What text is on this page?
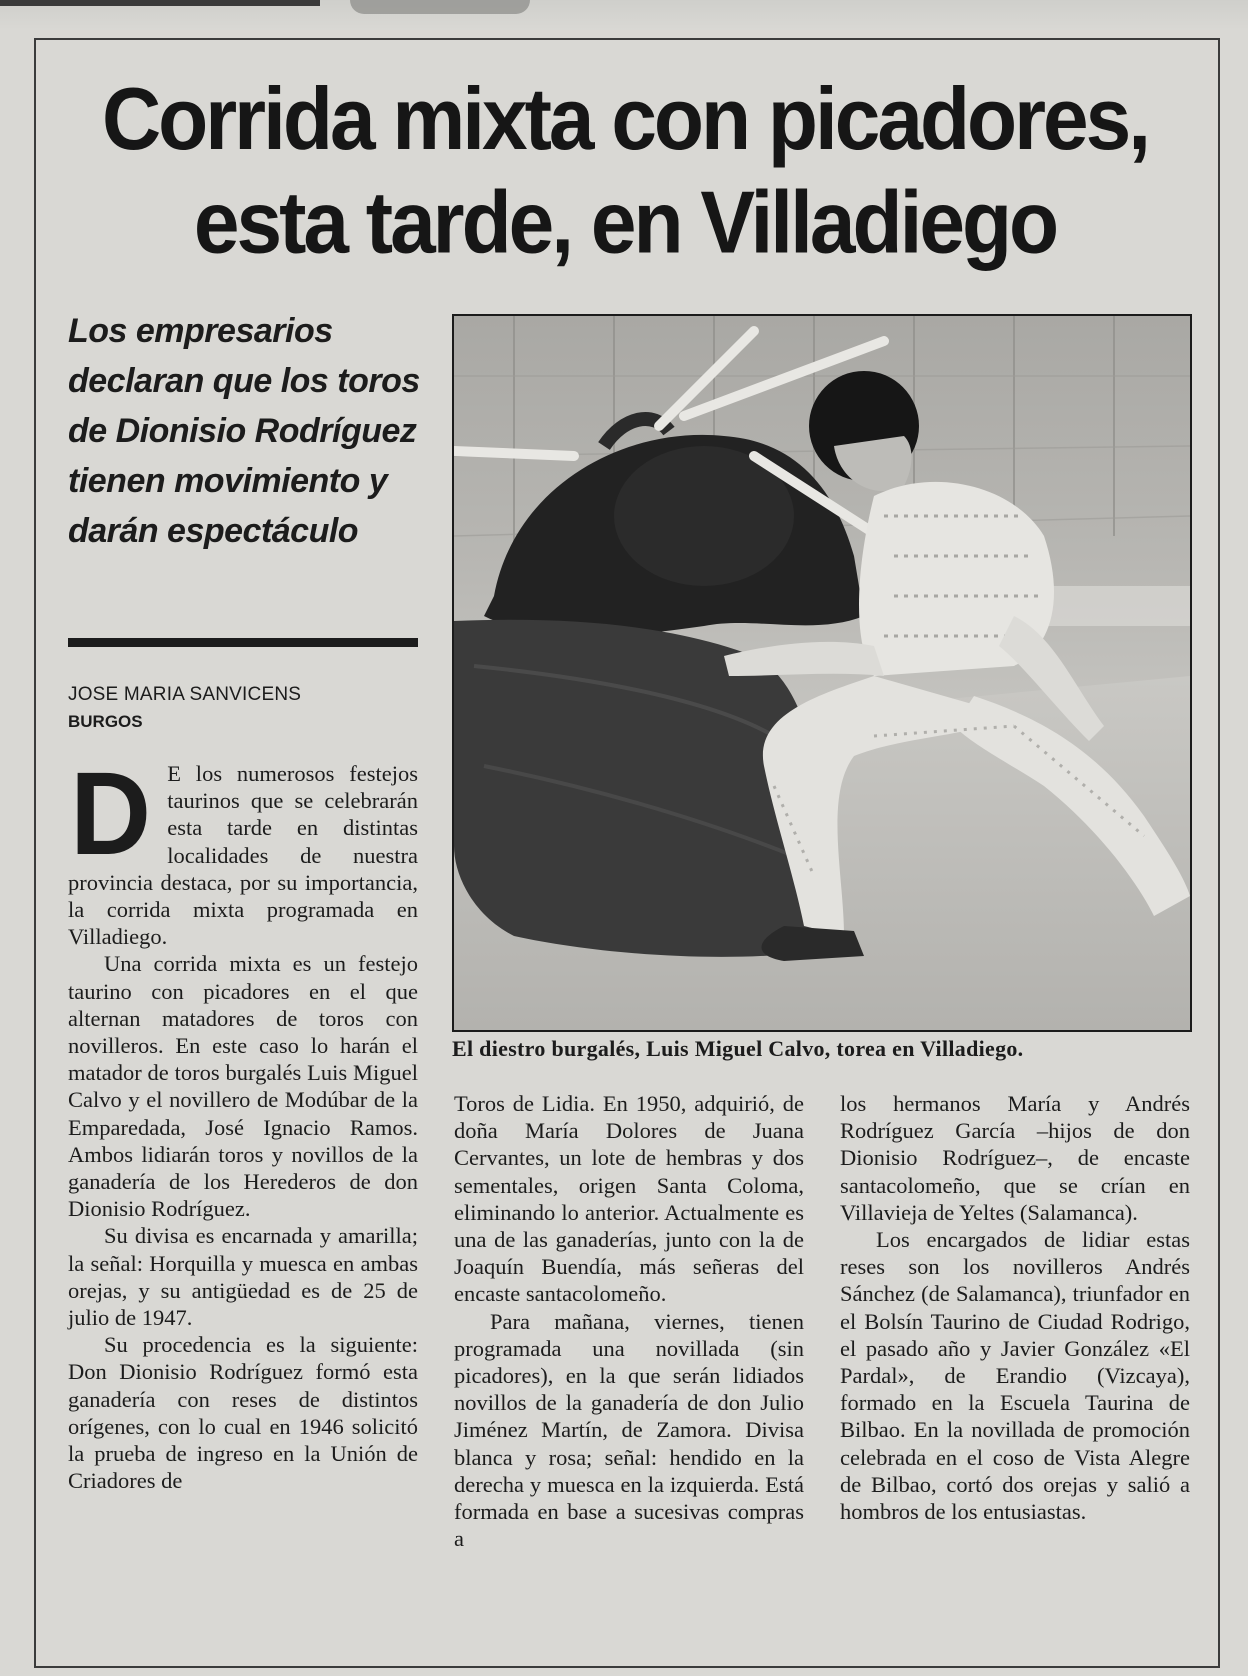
Corrida mixta con picadores, esta tarde, en Villadiego
Los empresarios declaran que los toros de Dionisio Rodríguez tienen movimiento y darán espectáculo
JOSE MARIA SANVICENS
BURGOS
El diestro burgalés, Luis Miguel Calvo, torea en Villadiego.
D E los numerosos festejos taurinos que se celebrarán esta tarde en distintas localidades de nuestra provincia destaca, por su importancia, la corrida mixta programada en Villadiego.

Una corrida mixta es un festejo taurino con picadores en el que alternan matadores de toros con novilleros. En este caso lo harán el matador de toros burgalés Luis Miguel Calvo y el novillero de Modúbar de la Emparedada, José Ignacio Ramos. Ambos lidiarán toros y novillos de la ganadería de los Herederos de don Dionisio Rodríguez.

Su divisa es encarnada y amarilla; la señal: Horquilla y muesca en ambas orejas, y su antigüedad es de 25 de julio de 1947.

Su procedencia es la siguiente: Don Dionisio Rodríguez formó esta ganadería con reses de distintos orígenes, con lo cual en 1946 solicitó la prueba de ingreso en la Unión de Criadores de

Toros de Lidia. En 1950, adquirió, de doña María Dolores de Juana Cervantes, un lote de hembras y dos sementales, origen Santa Coloma, eliminando lo anterior. Actualmente es una de las ganaderías, junto con la de Joaquín Buendía, más señeras del encaste santacolomeño.

Para mañana, viernes, tienen programada una novillada (sin picadores), en la que serán lidiados novillos de la ganadería de don Julio Jiménez Martín, de Zamora. Divisa blanca y rosa; señal: hendido en la derecha y muesca en la izquierda. Está formada en base a sucesivas compras a

los hermanos María y Andrés Rodríguez García –hijos de don Dionisio Rodríguez–, de encaste santacolomeño, que se crían en Villavieja de Yeltes (Salamanca).

Los encargados de lidiar estas reses son los novilleros Andrés Sánchez (de Salamanca), triunfador en el Bolsín Taurino de Ciudad Rodrigo, el pasado año y Javier González «El Pardal», de Erandio (Vizcaya), formado en la Escuela Taurina de Bilbao. En la novillada de promoción celebrada en el coso de Vista Alegre de Bilbao, cortó dos orejas y salió a hombros de los entusiastas.
